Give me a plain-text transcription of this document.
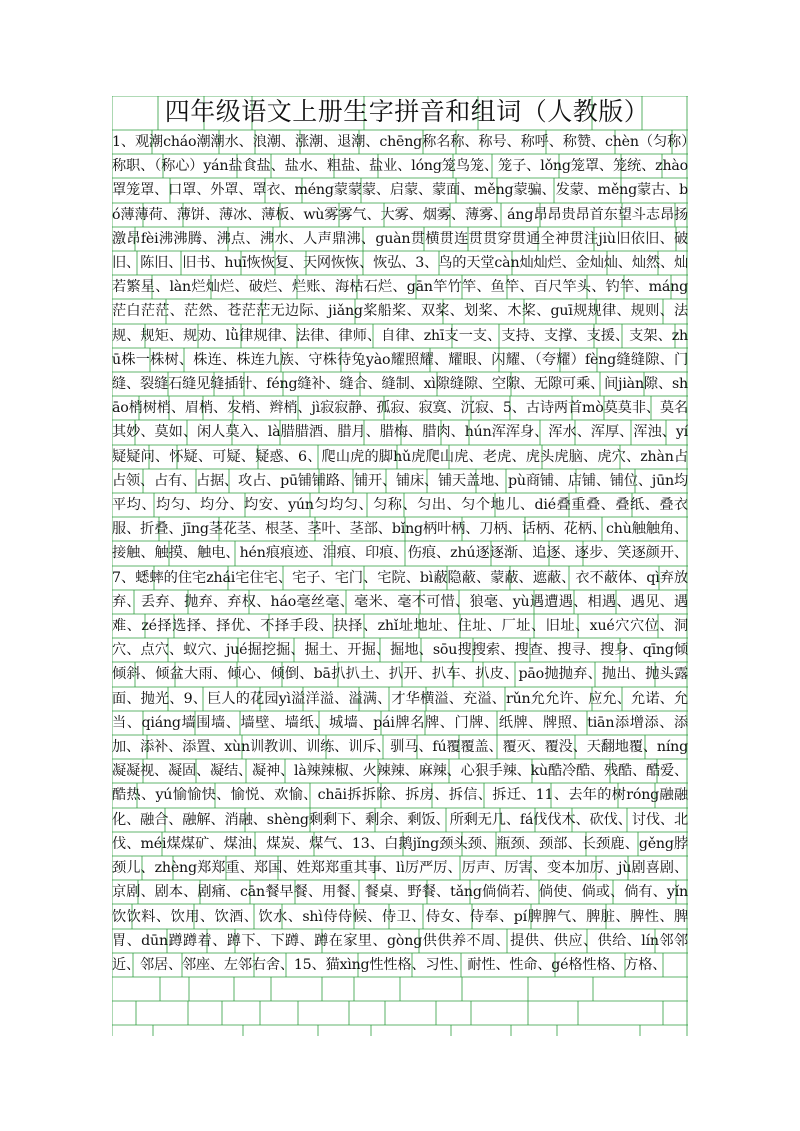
四年级语文上册生字拼音和组词（人教版）

1、观潮cháo潮潮水、浪潮、涨潮、退潮、chēng称名称、称号、称呼、称赞、chèn（匀称）称职、（称心）yán盐食盐、盐水、粗盐、盐业、lóng笼鸟笼、笼子、lǒng笼罩、笼统、zhào罩笼罩、口罩、外罩、罩衣、méng蒙蒙蒙、启蒙、蒙面、měng蒙骗、发蒙、měng蒙古、bó薄薄荷、薄饼、薄冰、薄板、wù雾雾气、大雾、烟雾、薄雾、áng昂昂贵昂首东望斗志昂扬激昂fèi沸沸腾、沸点、沸水、人声鼎沸、guàn贯横贯连贯贯穿贯通全神贯注jiù旧依旧、破旧、陈旧、旧书、huī恢恢复、天网恢恢、恢弘、3、鸟的天堂càn灿灿烂、金灿灿、灿然、灿若繁星、làn烂灿烂、破烂、烂账、海枯石烂、gān竿竹竿、鱼竿、百尺竿头、钓竿、máng茫白茫茫、茫然、苍茫茫无边际、jiǎng桨船桨、双桨、划桨、木桨、guī规规律、规则、法规、规矩、规劝、lǜ律规律、法律、律师、自律、zhī支一支、支持、支撑、支援、支架、zhū株一株树、株连、株连九族、守株待兔yào耀照耀、耀眼、闪耀、（夸耀）fèng缝缝隙、门缝、裂缝石缝见缝插针、féng缝补、缝合、缝制、xì隙缝隙、空隙、无隙可乘、间jiàn隙、shāo梢树梢、眉梢、发梢、辫梢、jì寂寂静、孤寂、寂寞、沉寂、5、古诗两首mò莫莫非、莫名其妙、莫如、闲人莫入、là腊腊酒、腊月、腊梅、腊肉、hún浑浑身、浑水、浑厚、浑浊、yí疑疑问、怀疑、可疑、疑惑、6、爬山虎的脚hǔ虎爬山虎、老虎、虎头虎脑、虎穴、zhàn占占领、占有、占据、攻占、pū铺铺路、铺开、铺床、铺天盖地、pù商铺、店铺、铺位、jūn均平均、均匀、均分、均安、yún匀均匀、匀称、匀出、匀个地儿、dié叠重叠、叠纸、叠衣服、折叠、jīng茎花茎、根茎、茎叶、茎部、bǐng柄叶柄、刀柄、话柄、花柄、chù触触角、接触、触摸、触电、hén痕痕迹、泪痕、印痕、伤痕、zhú逐逐渐、追逐、逐步、笑逐颜开、7、蟋蟀的住宅zhái宅住宅、宅子、宅门、宅院、bì蔽隐蔽、蒙蔽、遮蔽、衣不蔽体、qì弃放弃、丢弃、抛弃、弃权、háo毫丝毫、毫米、毫不可惜、狼毫、yù遇遭遇、相遇、遇见、遇难、zé择选择、择优、不择手段、抉择、zhǐ址地址、住址、厂址、旧址、xué穴穴位、洞穴、点穴、蚁穴、jué掘挖掘、掘土、开掘、掘地、sōu搜搜索、搜查、搜寻、搜身、qīng倾倾斜、倾盆大雨、倾心、倾倒、bā扒扒土、扒开、扒车、扒皮、pāo抛抛弃、抛出、抛头露面、抛光、9、巨人的花园yì溢洋溢、溢满、才华横溢、充溢、rǔn允允许、应允、允诺、允当、qiáng墙围墙、墙壁、墙纸、城墙、pái牌名牌、门牌、纸牌、牌照、tiān添增添、添加、添补、添置、xùn训教训、训练、训斥、驯马、fú覆覆盖、覆灭、覆没、天翻地覆、níng凝凝视、凝固、凝结、凝神、là辣辣椒、火辣辣、麻辣、心狠手辣、kù酷冷酷、残酷、酷爱、酷热、yú愉愉快、愉悦、欢愉、chāi拆拆除、拆房、拆信、拆迁、11、去年的树róng融融化、融合、融解、消融、shèng剩剩下、剩余、剩饭、所剩无几、fá伐伐木、砍伐、讨伐、北伐、méi煤煤矿、煤油、煤炭、煤气、13、白鹅jǐng颈头颈、瓶颈、颈部、长颈鹿、gěng脖颈儿、zhèng郑郑重、郑国、姓郑郑重其事、lì厉严厉、厉声、厉害、变本加厉、jù剧喜剧、京剧、剧本、剧痛、cān餐早餐、用餐、餐桌、野餐、tǎng倘倘若、倘使、倘或、倘有、yǐn饮饮料、饮用、饮酒、饮水、shì侍侍候、侍卫、侍女、侍奉、pí脾脾气、脾脏、脾性、脾胃、dūn蹲蹲着、蹲下、下蹲、蹲在家里、gòng供供养不周、提供、供应、供给、lín邻邻近、邻居、邻座、左邻右舍、15、猫xìng性性格、习性、耐性、性命、gé格性格、方格、
